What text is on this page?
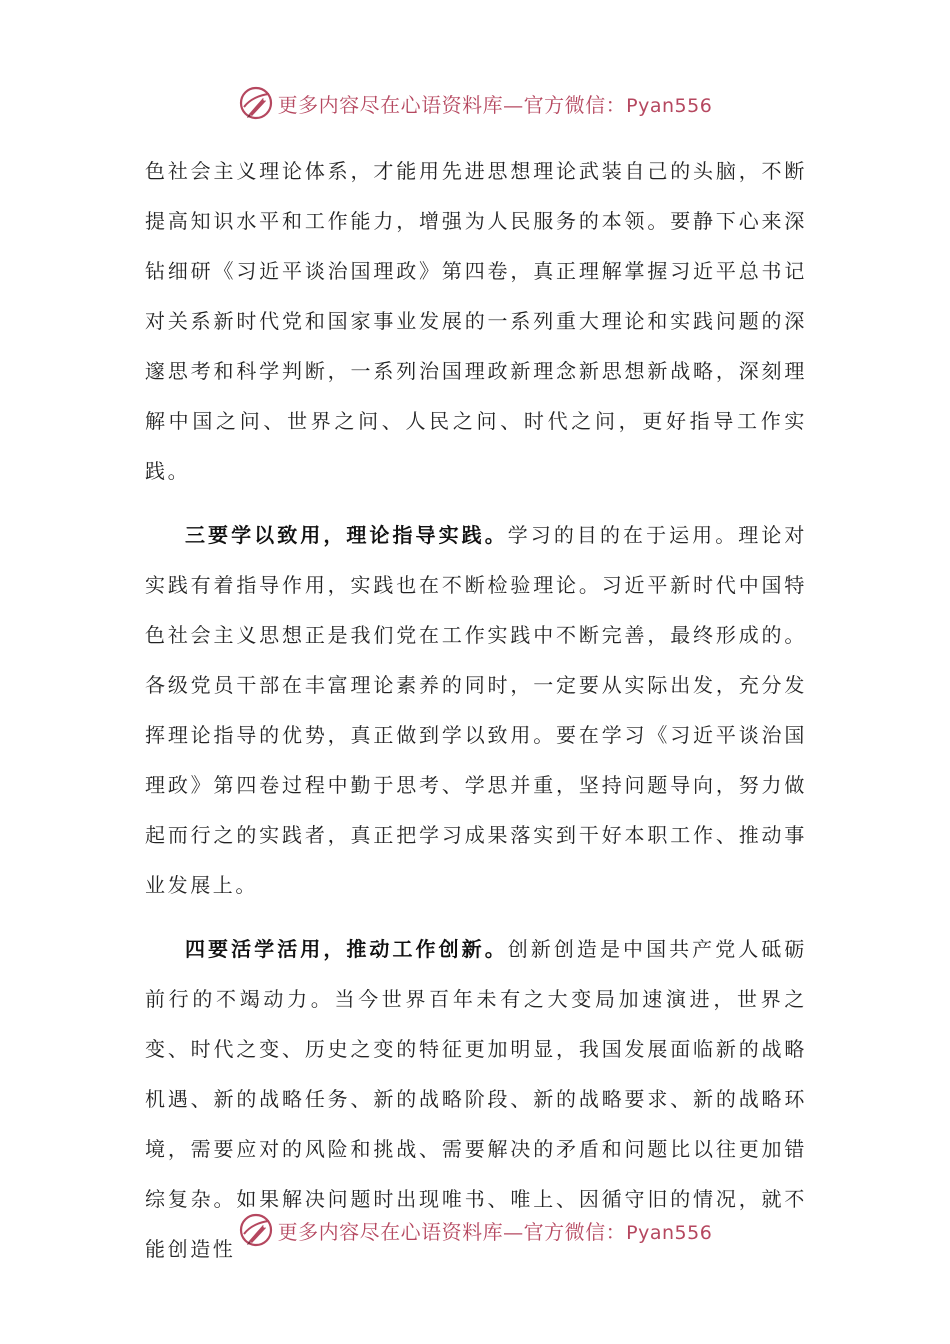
更多内容尽在心语资料库—官方微信：Pyan556

色社会主义理论体系，才能用先进思想理论武装自己的头脑，不断提高知识水平和工作能力，增强为人民服务的本领。要静下心来深钻细研《习近平谈治国理政》第四卷，真正理解掌握习近平总书记对关系新时代党和国家事业发展的一系列重大理论和实践问题的深邃思考和科学判断，一系列治国理政新理念新思想新战略，深刻理解中国之问、世界之问、人民之问、时代之问，更好指导工作实践。

三要学以致用，理论指导实践。学习的目的在于运用。理论对实践有着指导作用，实践也在不断检验理论。习近平新时代中国特色社会主义思想正是我们党在工作实践中不断完善，最终形成的。各级党员干部在丰富理论素养的同时，一定要从实际出发，充分发挥理论指导的优势，真正做到学以致用。要在学习《习近平谈治国理政》第四卷过程中勤于思考、学思并重，坚持问题导向，努力做起而行之的实践者，真正把学习成果落实到干好本职工作、推动事业发展上。

四要活学活用，推动工作创新。创新创造是中国共产党人砥砺前行的不竭动力。当今世界百年未有之大变局加速演进，世界之变、时代之变、历史之变的特征更加明显，我国发展面临新的战略机遇、新的战略任务、新的战略阶段、新的战略要求、新的战略环境，需要应对的风险和挑战、需要解决的矛盾和问题比以往更加错综复杂。如果解决问题时出现唯书、唯上、因循守旧的情况，就不能创造性

更多内容尽在心语资料库—官方微信：Pyan556
